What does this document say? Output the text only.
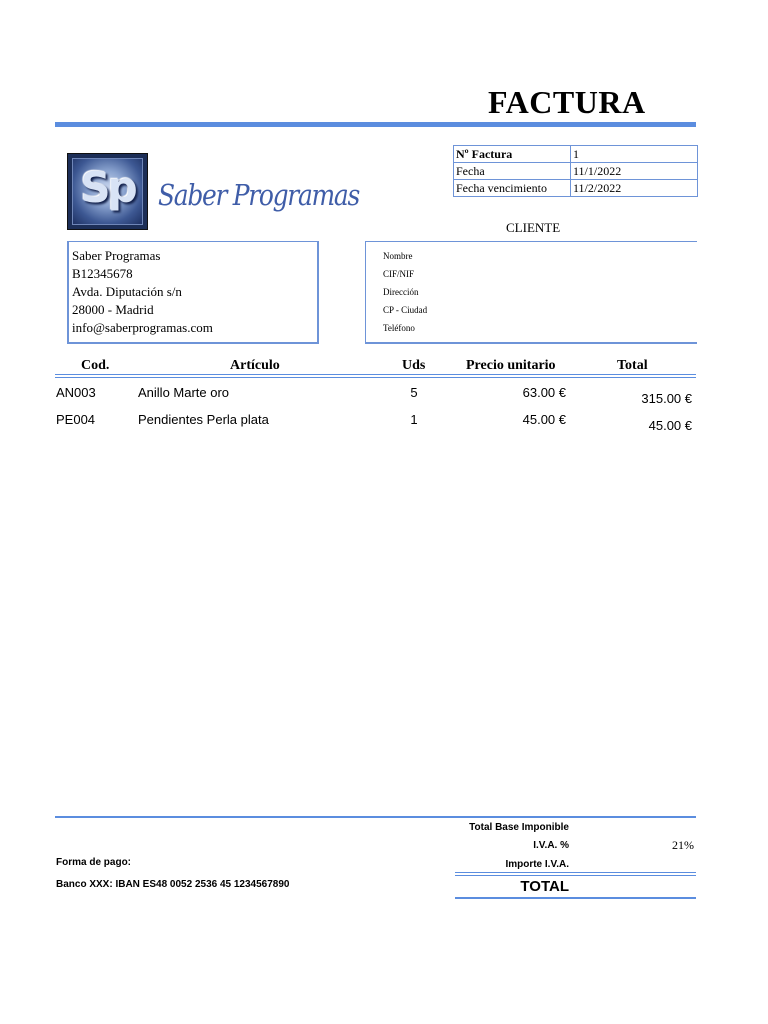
FACTURA
Sp Saber Programas
Nº Factura	1
Fecha	11/1/2022
Fecha vencimiento	11/2/2022
CLIENTE
Saber Programas
B12345678
Avda. Diputación s/n
28000 - Madrid
info@saberprogramas.com
Nombre
CIF/NIF
Dirección
CP - Ciudad
Teléfono
Cod.	Artículo	Uds	Precio unitario	Total
AN003	Anillo Marte oro	5	63.00 €	315.00 €
PE004	Pendientes Perla plata	1	45.00 €	45.00 €
Total Base Imponible
I.V.A. %	21%
Importe I.V.A.
TOTAL
Forma de pago:
Banco XXX: IBAN ES48 0052 2536 45 1234567890
